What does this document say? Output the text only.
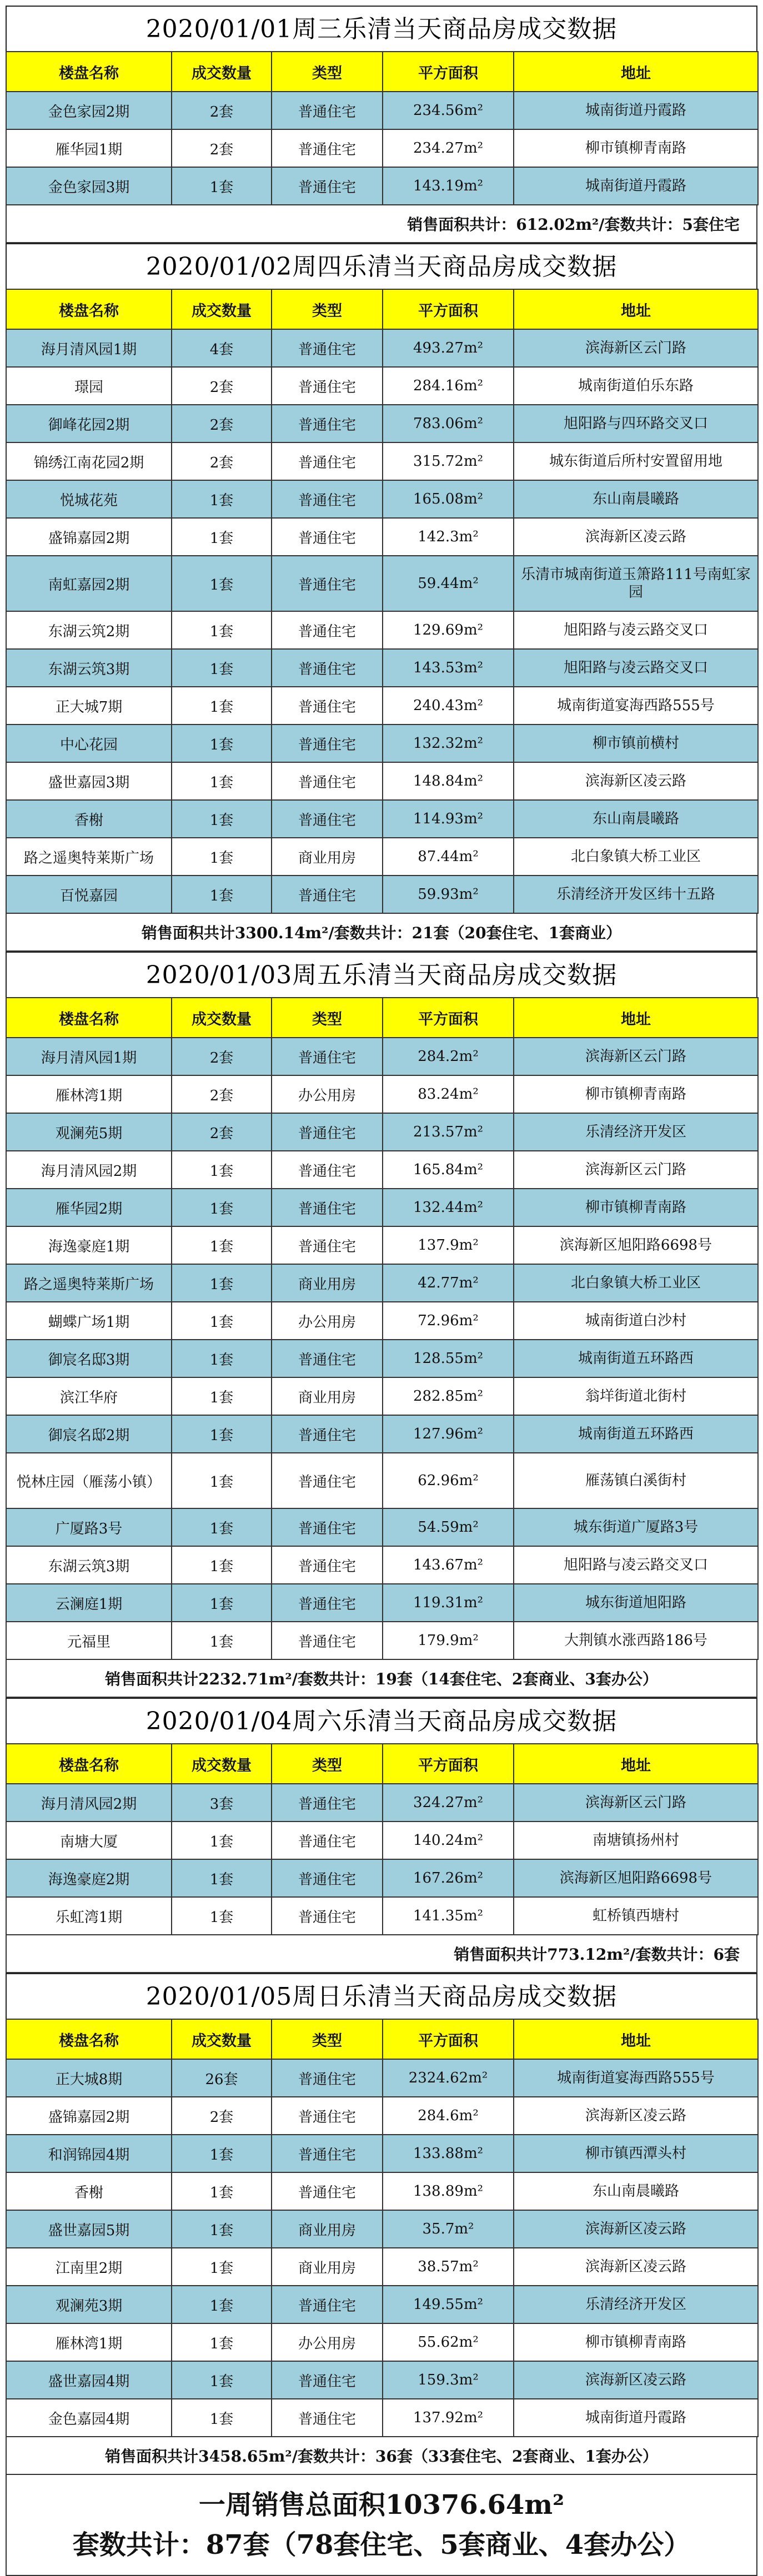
2020/01/01周三乐清当天商品房成交数据
楼盘名称	成交数量	类型	平方面积	地址
金色家园2期	2套	普通住宅	234.56m²	城南街道丹霞路
雁华园1期	2套	普通住宅	234.27m²	柳市镇柳青南路
金色家园3期	1套	普通住宅	143.19m²	城南街道丹霞路
销售面积共计：612.02m²/套数共计：5套住宅
2020/01/02周四乐清当天商品房成交数据
楼盘名称	成交数量	类型	平方面积	地址
海月清风园1期	4套	普通住宅	493.27m²	滨海新区云门路
璟园	2套	普通住宅	284.16m²	城南街道伯乐东路
御峰花园2期	2套	普通住宅	783.06m²	旭阳路与四环路交叉口
锦绣江南花园2期	2套	普通住宅	315.72m²	城东街道后所村安置留用地
悦城花苑	1套	普通住宅	165.08m²	东山南晨曦路
盛锦嘉园2期	1套	普通住宅	142.3m²	滨海新区凌云路
南虹嘉园2期	1套	普通住宅	59.44m²	乐清市城南街道玉箫路111号南虹家园
东湖云筑2期	1套	普通住宅	129.69m²	旭阳路与凌云路交叉口
东湖云筑3期	1套	普通住宅	143.53m²	旭阳路与凌云路交叉口
正大城7期	1套	普通住宅	240.43m²	城南街道宴海西路555号
中心花园	1套	普通住宅	132.32m²	柳市镇前横村
盛世嘉园3期	1套	普通住宅	148.84m²	滨海新区凌云路
香榭	1套	普通住宅	114.93m²	东山南晨曦路
路之遥奥特莱斯广场	1套	商业用房	87.44m²	北白象镇大桥工业区
百悦嘉园	1套	普通住宅	59.93m²	乐清经济开发区纬十五路
销售面积共计3300.14m²/套数共计：21套（20套住宅、1套商业）
2020/01/03周五乐清当天商品房成交数据
楼盘名称	成交数量	类型	平方面积	地址
海月清风园1期	2套	普通住宅	284.2m²	滨海新区云门路
雁林湾1期	2套	办公用房	83.24m²	柳市镇柳青南路
观澜苑5期	2套	普通住宅	213.57m²	乐清经济开发区
海月清风园2期	1套	普通住宅	165.84m²	滨海新区云门路
雁华园2期	1套	普通住宅	132.44m²	柳市镇柳青南路
海逸豪庭1期	1套	普通住宅	137.9m²	滨海新区旭阳路6698号
路之遥奥特莱斯广场	1套	商业用房	42.77m²	北白象镇大桥工业区
蝴蝶广场1期	1套	办公用房	72.96m²	城南街道白沙村
御宸名邸3期	1套	普通住宅	128.55m²	城南街道五环路西
滨江华府	1套	商业用房	282.85m²	翁垟街道北街村
御宸名邸2期	1套	普通住宅	127.96m²	城南街道五环路西
悦林庄园（雁荡小镇）	1套	普通住宅	62.96m²	雁荡镇白溪街村
广厦路3号	1套	普通住宅	54.59m²	城东街道广厦路3号
东湖云筑3期	1套	普通住宅	143.67m²	旭阳路与凌云路交叉口
云澜庭1期	1套	普通住宅	119.31m²	城东街道旭阳路
元福里	1套	普通住宅	179.9m²	大荆镇水涨西路186号
销售面积共计2232.71m²/套数共计：19套（14套住宅、2套商业、3套办公）
2020/01/04周六乐清当天商品房成交数据
楼盘名称	成交数量	类型	平方面积	地址
海月清风园2期	3套	普通住宅	324.27m²	滨海新区云门路
南塘大厦	1套	普通住宅	140.24m²	南塘镇扬州村
海逸豪庭2期	1套	普通住宅	167.26m²	滨海新区旭阳路6698号
乐虹湾1期	1套	普通住宅	141.35m²	虹桥镇西塘村
销售面积共计773.12m²/套数共计：6套
2020/01/05周日乐清当天商品房成交数据
楼盘名称	成交数量	类型	平方面积	地址
正大城8期	26套	普通住宅	2324.62m²	城南街道宴海西路555号
盛锦嘉园2期	2套	普通住宅	284.6m²	滨海新区凌云路
和润锦园4期	1套	普通住宅	133.88m²	柳市镇西潭头村
香榭	1套	普通住宅	138.89m²	东山南晨曦路
盛世嘉园5期	1套	商业用房	35.7m²	滨海新区凌云路
江南里2期	1套	商业用房	38.57m²	滨海新区凌云路
观澜苑3期	1套	普通住宅	149.55m²	乐清经济开发区
雁林湾1期	1套	办公用房	55.62m²	柳市镇柳青南路
盛世嘉园4期	1套	普通住宅	159.3m²	滨海新区凌云路
金色嘉园4期	1套	普通住宅	137.92m²	城南街道丹霞路
销售面积共计3458.65m²/套数共计：36套（33套住宅、2套商业、1套办公）
一周销售总面积10376.64m²
套数共计：87套（78套住宅、5套商业、4套办公）
